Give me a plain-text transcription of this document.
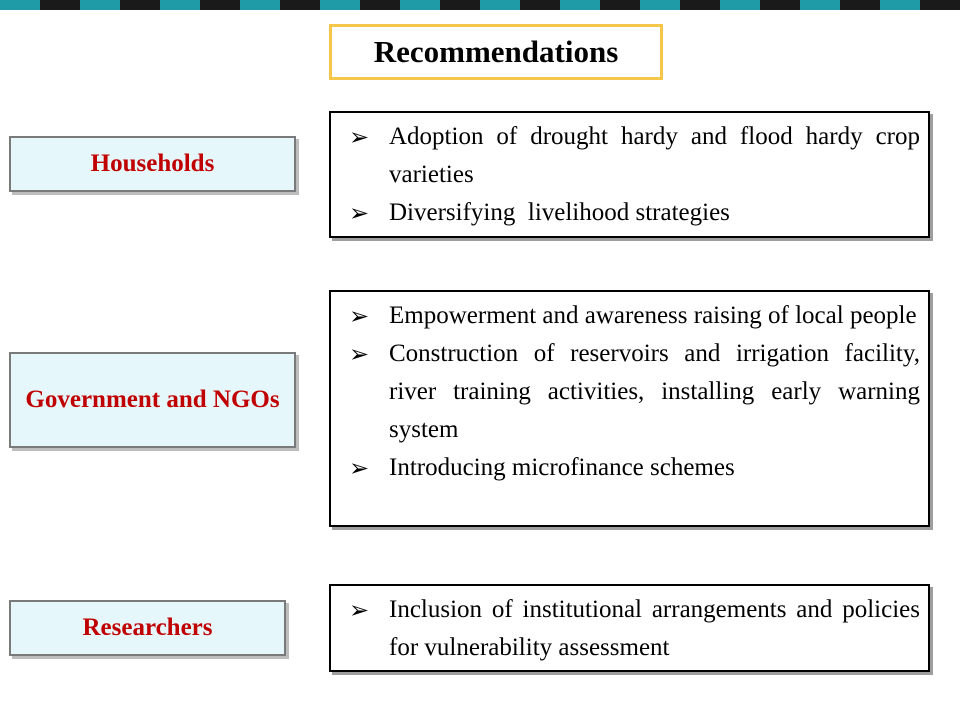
Recommendations
Households
➢ Adoption of drought hardy and flood hardy crop varieties
➢ Diversifying  livelihood strategies
Government and NGOs
➢ Empowerment and awareness raising of local people
➢ Construction of reservoirs and irrigation facility, river training activities, installing early warning system
➢ Introducing microfinance schemes
Researchers
➢ Inclusion of institutional arrangements and policies for vulnerability assessment
